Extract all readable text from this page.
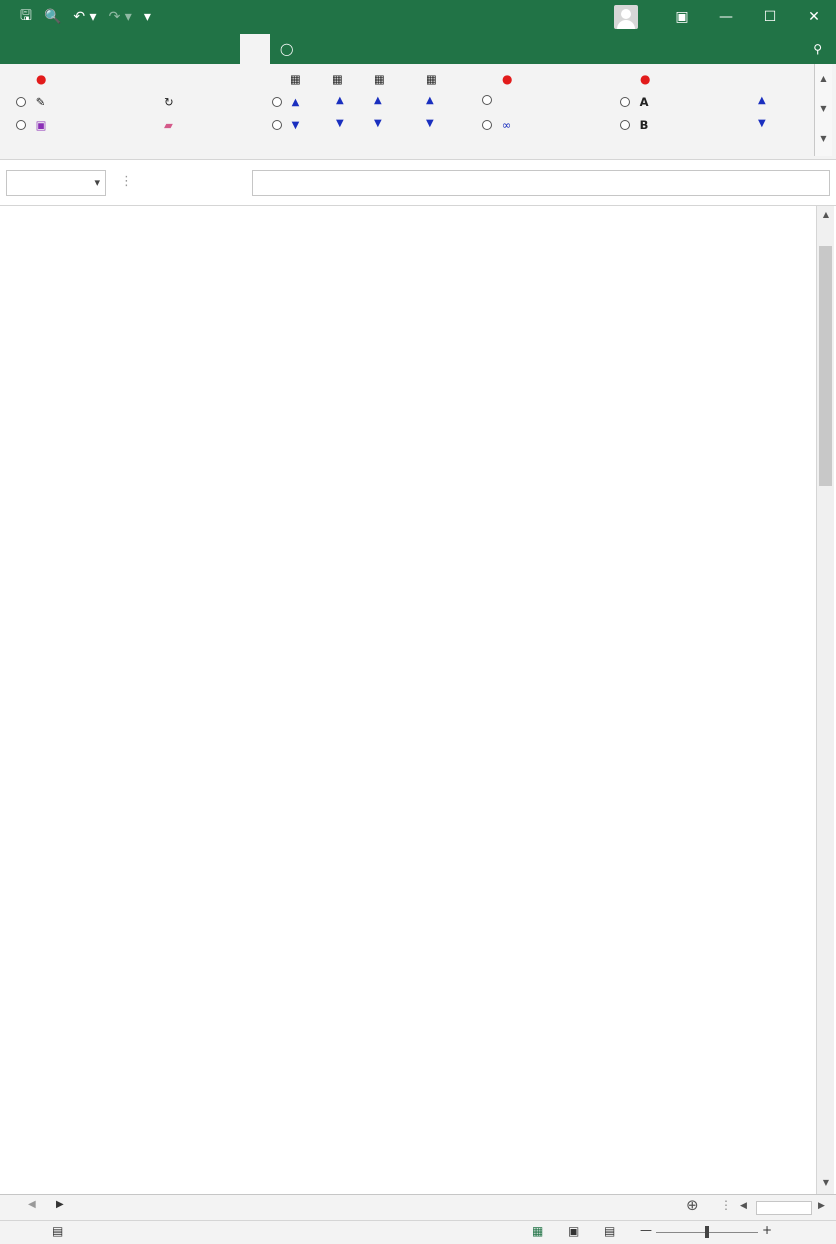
🖫 🔍 ↶ ▾ ↷ ▾ ▾	▣	—	☐	✕
◯	⚲
●	▦	▦	▦	▦	●	●

✎	↻
	▲	▲	▲	▲
	A
	▲

▣	▰
	▼	▼	▼	▼
	∞
	B
	▼
▲
▼
▼
▾
⋮
▲
▼
◀ ▶	⊕ ⋮ ◀	▶
▤	▦ ▣ ▤ —	+
